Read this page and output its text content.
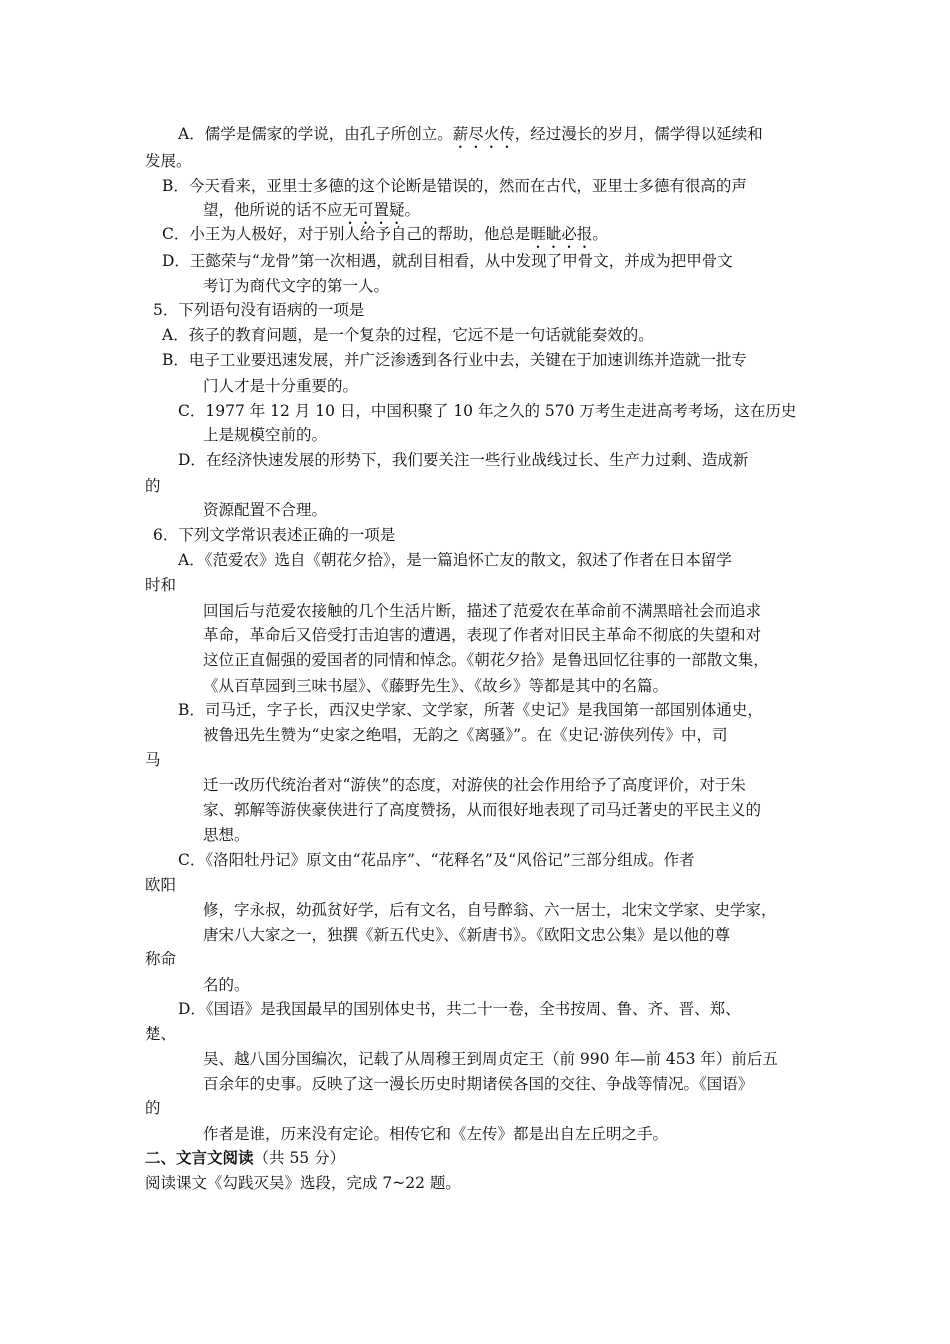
A．儒学是儒家的学说，由孔子所创立。薪尽火传，经过漫长的岁月，儒学得以延续和
发展。
B．今天看来，亚里士多德的这个论断是错误的，然而在古代，亚里士多德有很高的声
望，他所说的话不应无可置疑。
C．小王为人极好，对于别人给予自己的帮助，他总是睚眦必报。
D．王懿荣与“龙骨”第一次相遇，就刮目相看，从中发现了甲骨文，并成为把甲骨文
考订为商代文字的第一人。
5．下列语句没有语病的一项是
A．孩子的教育问题，是一个复杂的过程，它远不是一句话就能奏效的。
B．电子工业要迅速发展，并广泛渗透到各行业中去，关键在于加速训练并造就一批专
门人才是十分重要的。
C．1977 年 12 月 10 日，中国积聚了 10 年之久的 570 万考生走进高考考场，这在历史
上是规模空前的。
D．在经济快速发展的形势下，我们要关注一些行业战线过长、生产力过剩、造成新
的
资源配置不合理。
6．下列文学常识表述正确的一项是
A．《范爱农》选自《朝花夕拾》，是一篇追怀亡友的散文，叙述了作者在日本留学
时和
回国后与范爱农接触的几个生活片断，描述了范爱农在革命前不满黑暗社会而追求
革命，革命后又倍受打击迫害的遭遇，表现了作者对旧民主革命不彻底的失望和对
这位正直倔强的爱国者的同情和悼念。《朝花夕拾》是鲁迅回忆往事的一部散文集，
《从百草园到三味书屋》、《藤野先生》、《故乡》等都是其中的名篇。
B．司马迁，字子长，西汉史学家、文学家，所著《史记》是我国第一部国别体通史，
被鲁迅先生赞为“史家之绝唱，无韵之《离骚》”。在《史记·游侠列传》中，司
马
迁一改历代统治者对“游侠”的态度，对游侠的社会作用给予了高度评价，对于朱
家、郭解等游侠豪侠进行了高度赞扬，从而很好地表现了司马迁著史的平民主义的
思想。
C．《洛阳牡丹记》原文由“花品序”、“花释名”及“风俗记”三部分组成。作者
欧阳
修，字永叔，幼孤贫好学，后有文名，自号醉翁、六一居士，北宋文学家、史学家，
唐宋八大家之一，独撰《新五代史》、《新唐书》。《欧阳文忠公集》是以他的尊
称命
名的。
D．《国语》是我国最早的国别体史书，共二十一卷，全书按周、鲁、齐、晋、郑、
楚、
吴、越八国分国编次，记载了从周穆王到周贞定王（前 990 年—前 453 年）前后五
百余年的史事。反映了这一漫长历史时期诸侯各国的交往、争战等情况。《国语》
的
作者是谁，历来没有定论。相传它和《左传》都是出自左丘明之手。
二、文言文阅读（共 55 分）
阅读课文《勾践灭吴》选段，完成 7~22 题。
